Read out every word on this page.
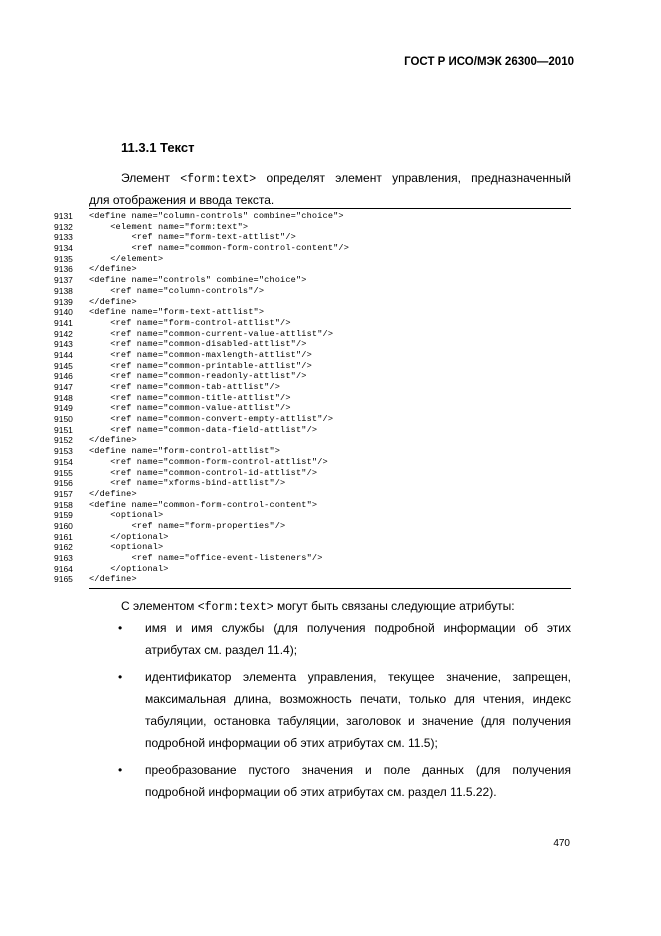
ГОСТ Р ИСО/МЭК 26300—2010
11.3.1 Текст
Элемент <form:text> определят элемент управления, предназначенный
для отображения и ввода текста.
9131	<define name="column-controls" combine="choice">
9132	<element name="form:text">
9133	<ref name="form-text-attlist"/>
9134	<ref name="common-form-control-content"/>
9135	</element>
9136	</define>
9137	<define name="controls" combine="choice">
9138	<ref name="column-controls"/>
9139	</define>
9140	<define name="form-text-attlist">
9141	<ref name="form-control-attlist"/>
9142	<ref name="common-current-value-attlist"/>
9143	<ref name="common-disabled-attlist"/>
9144	<ref name="common-maxlength-attlist"/>
9145	<ref name="common-printable-attlist"/>
9146	<ref name="common-readonly-attlist"/>
9147	<ref name="common-tab-attlist"/>
9148	<ref name="common-title-attlist"/>
9149	<ref name="common-value-attlist"/>
9150	<ref name="common-convert-empty-attlist"/>
9151	<ref name="common-data-field-attlist"/>
9152	</define>
9153	<define name="form-control-attlist">
9154	<ref name="common-form-control-attlist"/>
9155	<ref name="common-control-id-attlist"/>
9156	<ref name="xforms-bind-attlist"/>
9157	</define>
9158	<define name="common-form-control-content">
9159	<optional>
9160	<ref name="form-properties"/>
9161	</optional>
9162	<optional>
9163	<ref name="office-event-listeners"/>
9164	</optional>
9165	</define>
С элементом <form:text> могут быть связаны следующие атрибуты:
• имя и имя службы (для получения подробной информации об этих атрибутах см. раздел 11.4);
• идентификатор элемента управления, текущее значение, запрещен, максимальная длина, возможность печати, только для чтения, индекс табуляции, остановка табуляции, заголовок и значение (для получения подробной информации об этих атрибутах см. 11.5);
• преобразование пустого значения и поле данных (для получения подробной информации об этих атрибутах см. раздел 11.5.22).
470
